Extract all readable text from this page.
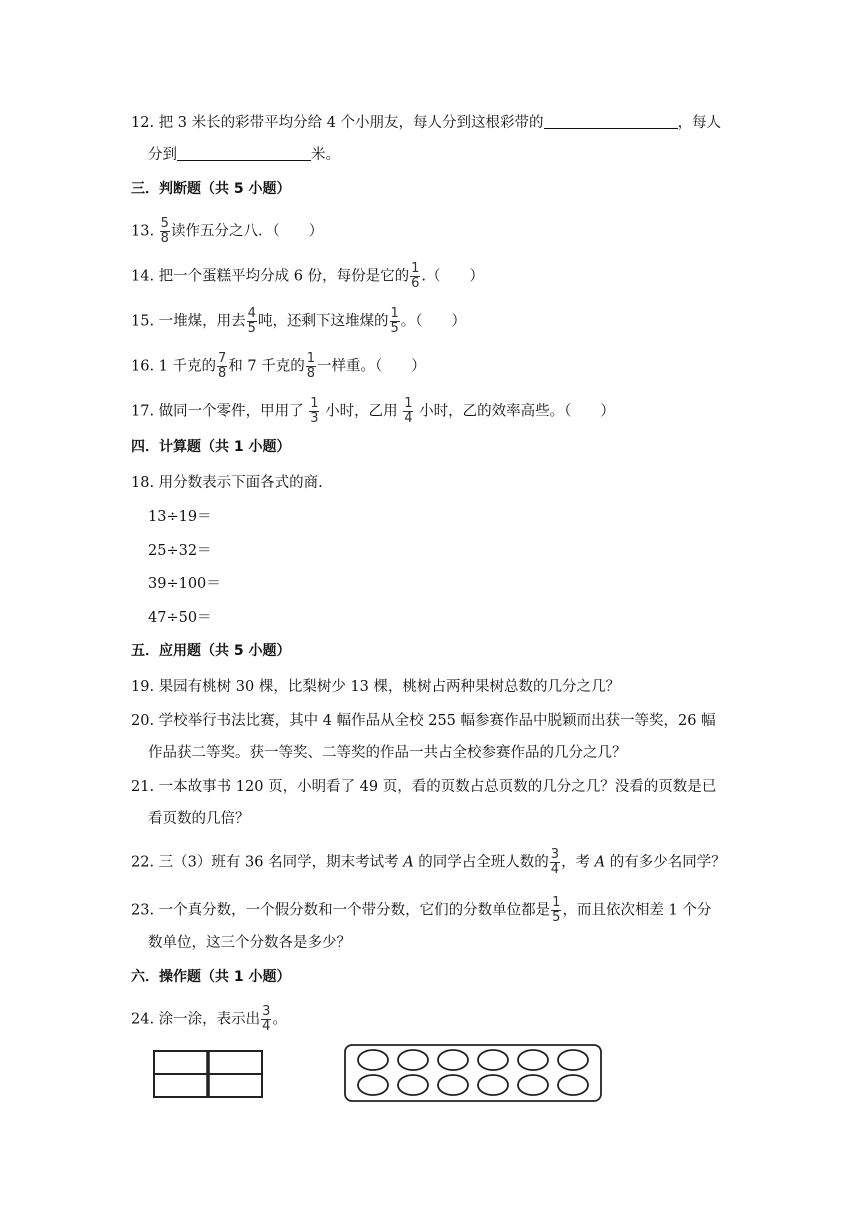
12. 把 3 米长的彩带平均分给 4 个小朋友，每人分到这根彩带的	，每人
分到	米。
三．判断题（共 5 小题）
13. $\frac{5}{8}$ 读作五分之八．（　　）
14. 把一个蛋糕平均分成 6 份，每份是它的 $\frac{1}{6}$ .（　　）
15. 一堆煤，用去 $\frac{4}{5}$ 吨，还剩下这堆煤的 $\frac{1}{5}$ 。（　　）
16. 1 千克的 $\frac{7}{8}$ 和 7 千克的 $\frac{1}{8}$ 一样重。（　　）
17. 做同一个零件，甲用了 $\frac{1}{3}$ 小时，乙用 $\frac{1}{4}$ 小时，乙的效率高些。（　　）
四．计算题（共 1 小题）
18. 用分数表示下面各式的商.
13÷19＝
25÷32＝
39÷100＝
47÷50＝
五．应用题（共 5 小题）
19. 果园有桃树 30 棵，比梨树少 13 棵，桃树占两种果树总数的几分之几？
20. 学校举行书法比赛，其中 4 幅作品从全校 255 幅参赛作品中脱颖而出获一等奖，26 幅
作品获二等奖。获一等奖、二等奖的作品一共占全校参赛作品的几分之几？
21. 一本故事书 120 页，小明看了 49 页，看的页数占总页数的几分之几？没看的页数是已
看页数的几倍？
22. 三（3）班有 36 名同学，期末考试考 A 的同学占全班人数的 $\frac{3}{4}$ ，考 A 的有多少名同学？
23. 一个真分数，一个假分数和一个带分数，它们的分数单位都是 $\frac{1}{5}$ ，而且依次相差 1 个分
数单位，这三个分数各是多少？
六．操作题（共 1 小题）
24. 涂一涂，表示出 $\frac{3}{4}$ 。
